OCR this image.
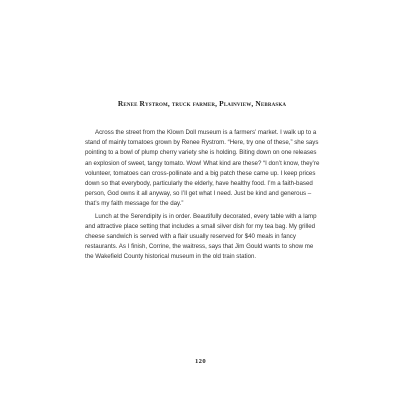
Renee Rystrom, truck farmer, Plainview, Nebraska

Across the street from the Klown Doll museum is a farmers’ market. I walk up to a stand of mainly tomatoes grown by Renee Rystrom. “Here, try one of these,” she says pointing to a bowl of plump cherry variety she is holding. Biting down on one releases an explosion of sweet, tangy tomato. Wow! What kind are these? “I don’t know, they’re volunteer, tomatoes can cross-pollinate and a big patch these came up. I keep prices down so that everybody, particularly the elderly, have healthy food. I’m a faith-based person, God owns it all anyway, so I’ll get what I need. Just be kind and generous – that’s my faith message for the day.”

Lunch at the Serendipity is in order. Beautifully decorated, every table with a lamp and attractive place setting that includes a small silver dish for my tea bag. My grilled cheese sandwich is served with a flair usually reserved for $40 meals in fancy restaurants. As I finish, Corrine, the waitress, says that Jim Gould wants to show me the Wakefield County historical museum in the old train station.

120
